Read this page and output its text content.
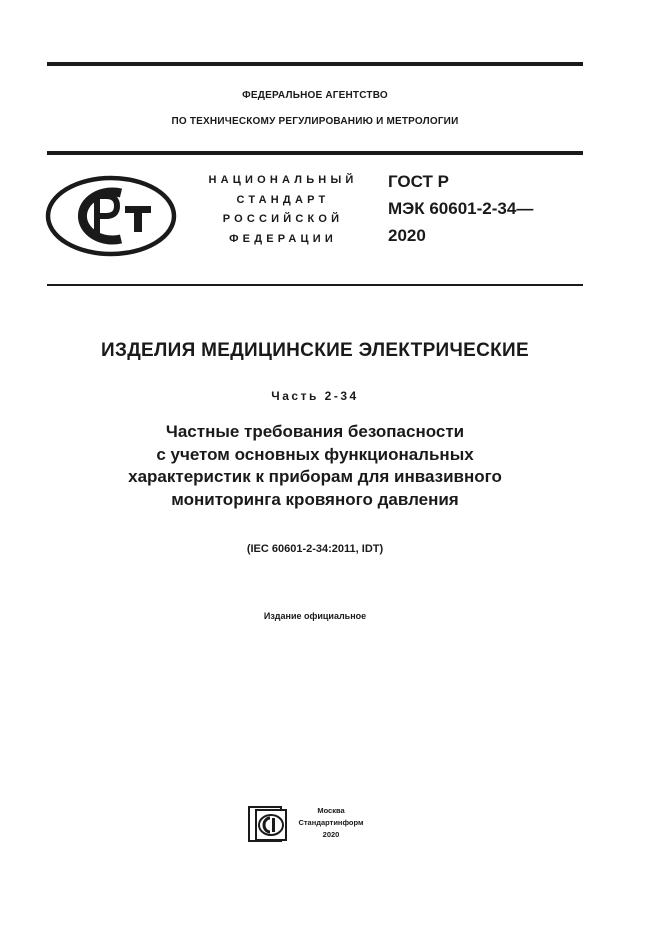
ФЕДЕРАЛЬНОЕ АГЕНТСТВО
ПО ТЕХНИЧЕСКОМУ РЕГУЛИРОВАНИЮ И МЕТРОЛОГИИ
РСТ	НАЦИОНАЛЬНЫЙ
СТАНДАРТ
РОССИЙСКОЙ
ФЕДЕРАЦИИ
ГОСТ Р
МЭК 60601-2-34—
2020
ИЗДЕЛИЯ МЕДИЦИНСКИЕ ЭЛЕКТРИЧЕСКИЕ
Часть 2-34
Частные требования безопасности
с учетом основных функциональных
характеристик к приборам для инвазивного
мониторинга кровяного давления
(IEC 60601-2-34:2011, IDT)
Издание официальное
СИ	Москва
Стандартинформ
2020
